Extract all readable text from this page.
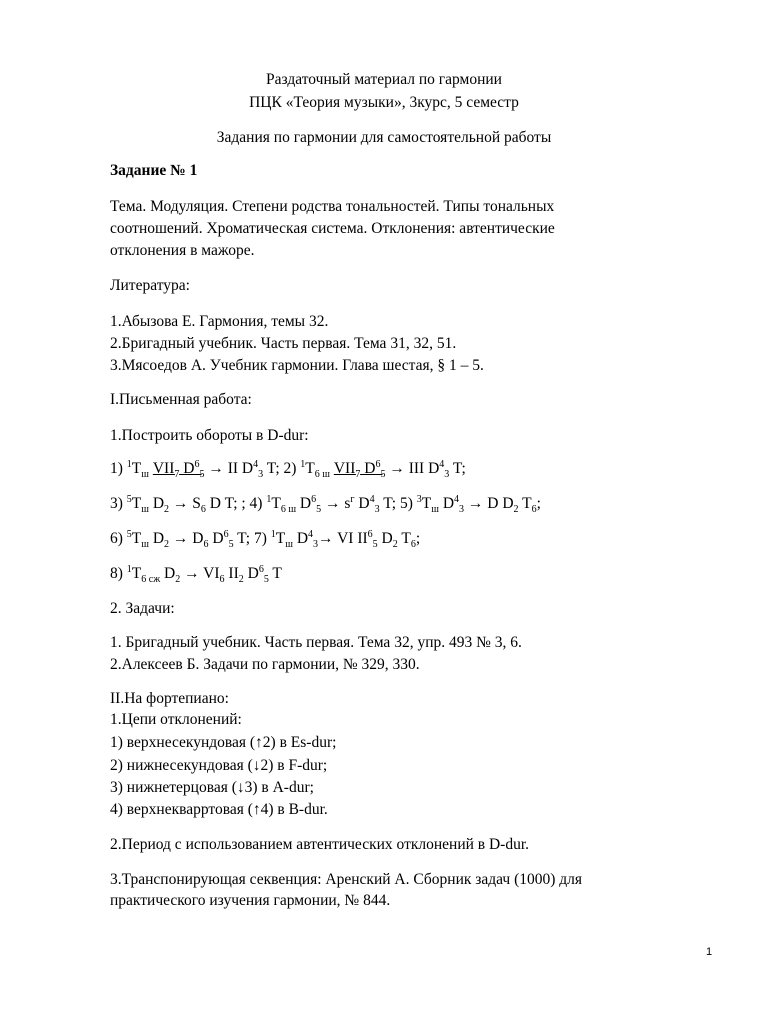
Раздаточный материал по гармонии
ПЦК «Теория музыки», 3курс, 5 семестр
Задания по гармонии для самостоятельной работы
Задание № 1
Тема. Модуляция. Степени родства тональностей. Типы тональных
соотношений. Хроматическая система. Отклонения: автентические
отклонения в мажоре.
Литература:
1.Абызова Е. Гармония, темы 32.
2.Бригадный учебник. Часть первая. Тема 31, 32, 51.
3.Мясоедов А. Учебник гармонии. Глава шестая, § 1 – 5.
I.Письменная работа:
1.Построить обороты в D-dur:
1) $^1T_ш$ $VII_7$ $D^6_5$ → II $D^4_3$ T; 2) $^1T_{6 ш}$ $VII_7$ $D^6_5$ → III $D^4_3$ T;
3) $^5T_ш$ $D_2 \to S_6$ D T; ; 4) $^1T_{6 ш}$ $D^6_5 \to s^г$ $D^4_3$ T; 5) $^3T_ш$ $D^4_3 \to D$ $D_2$ $T_6$;
6) $^5T_ш$ $D_2 \to D_6$ $D^6_5$ T; 7) $^1T_ш$ $D^4_3\to$ VI $II^6_5$ $D_2$ $T_6$;
8) $^1T_{6 сж}$ $D_2 \to VI_6$ $II_2$ $D^6_5$ T
2. Задачи:
1. Бригадный учебник. Часть первая. Тема 32, упр. 493 № 3, 6.
2.Алексеев Б. Задачи по гармонии, № 329, 330.
II.На фортепиано:
1.Цепи отклонений:
1) верхнесекундовая (↑2) в Es-dur;
2) нижнесекундовая (↓2) в F-dur;
3) нижнетерцовая (↓3) в A-dur;
4) верхнекварртовая (↑4) в B-dur.
2.Период с использованием автентических отклонений в D-dur.
3.Транспонирующая секвенция: Аренский А. Сборник задач (1000) для
практического изучения гармонии, № 844.
1
